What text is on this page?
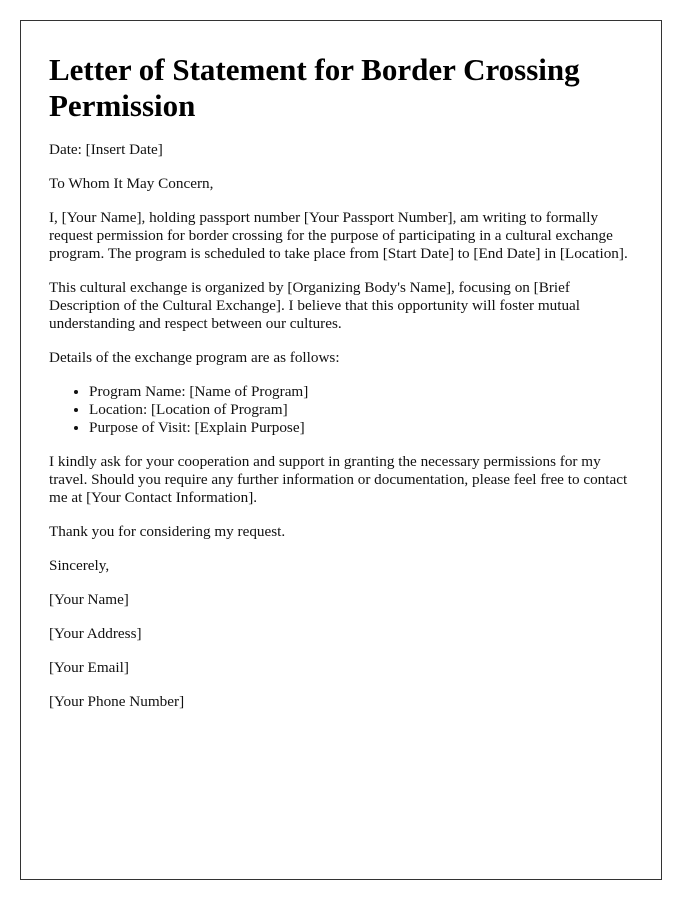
Letter of Statement for Border Crossing Permission

Date: [Insert Date]

To Whom It May Concern,

I, [Your Name], holding passport number [Your Passport Number], am writing to formally request permission for border crossing for the purpose of participating in a cultural exchange program. The program is scheduled to take place from [Start Date] to [End Date] in [Location].

This cultural exchange is organized by [Organizing Body's Name], focusing on [Brief Description of the Cultural Exchange]. I believe that this opportunity will foster mutual understanding and respect between our cultures.

Details of the exchange program are as follows:

• Program Name: [Name of Program]
• Location: [Location of Program]
• Purpose of Visit: [Explain Purpose]

I kindly ask for your cooperation and support in granting the necessary permissions for my travel. Should you require any further information or documentation, please feel free to contact me at [Your Contact Information].

Thank you for considering my request.

Sincerely,

[Your Name]

[Your Address]

[Your Email]

[Your Phone Number]
